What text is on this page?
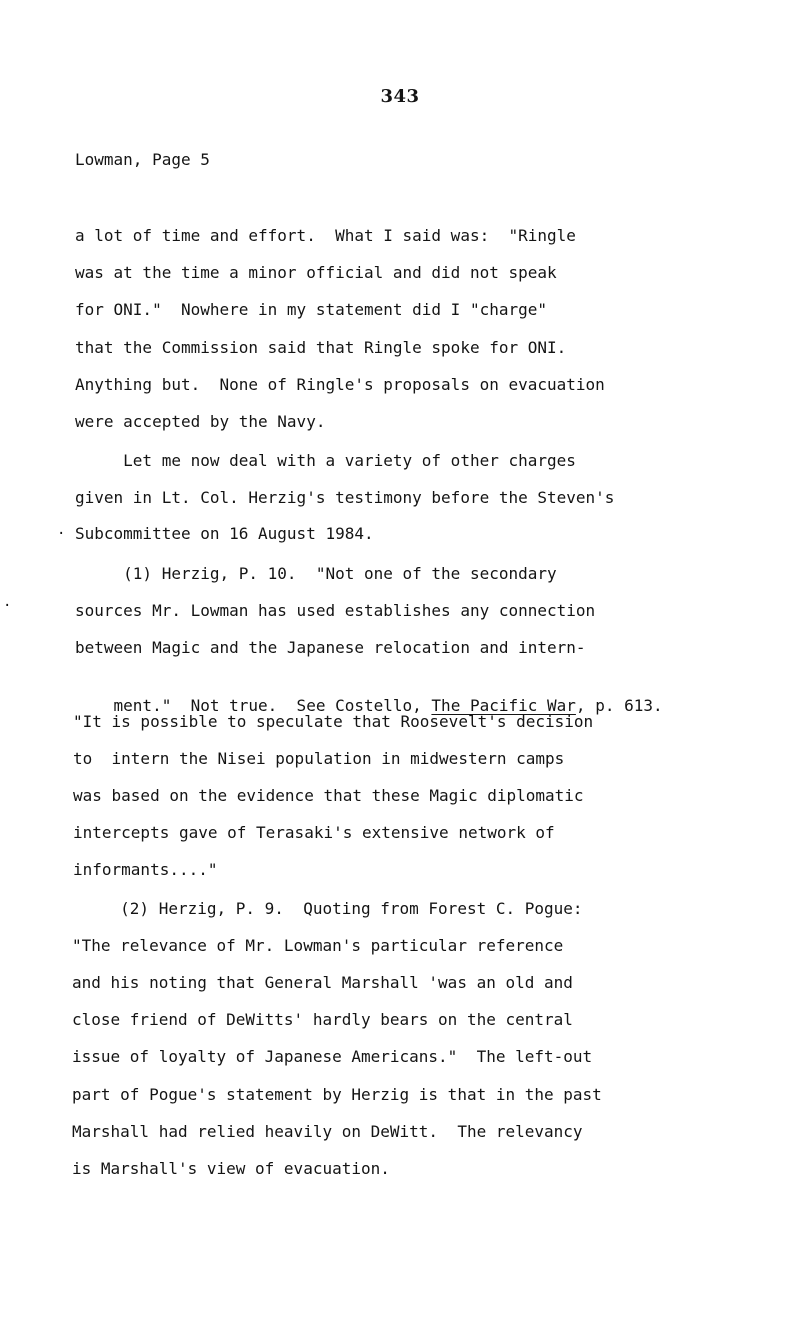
343
Lowman, Page 5
a lot of time and effort.  What I said was:  "Ringle
was at the time a minor official and did not speak
for ONI."  Nowhere in my statement did I "charge"
that the Commission said that Ringle spoke for ONI.
Anything but.  None of Ringle's proposals on evacuation
were accepted by the Navy.
Let me now deal with a variety of other charges
given in Lt. Col. Herzig's testimony before the Steven's
Subcommittee on 16 August 1984.
(1) Herzig, P. 10.  "Not one of the secondary
sources Mr. Lowman has used establishes any connection
between Magic and the Japanese relocation and intern-

ment."  Not true.  See Costello, The Pacific War, p. 613.

"It is possible to speculate that Roosevelt's decision
to  intern the Nisei population in midwestern camps
was based on the evidence that these Magic diplomatic
intercepts gave of Terasaki's extensive network of
informants...."
(2) Herzig, P. 9.  Quoting from Forest C. Pogue:
"The relevance of Mr. Lowman's particular reference
and his noting that General Marshall 'was an old and
close friend of DeWitts' hardly bears on the central
issue of loyalty of Japanese Americans."  The left-out
part of Pogue's statement by Herzig is that in the past
Marshall had relied heavily on DeWitt.  The relevancy
is Marshall's view of evacuation.
·
·
